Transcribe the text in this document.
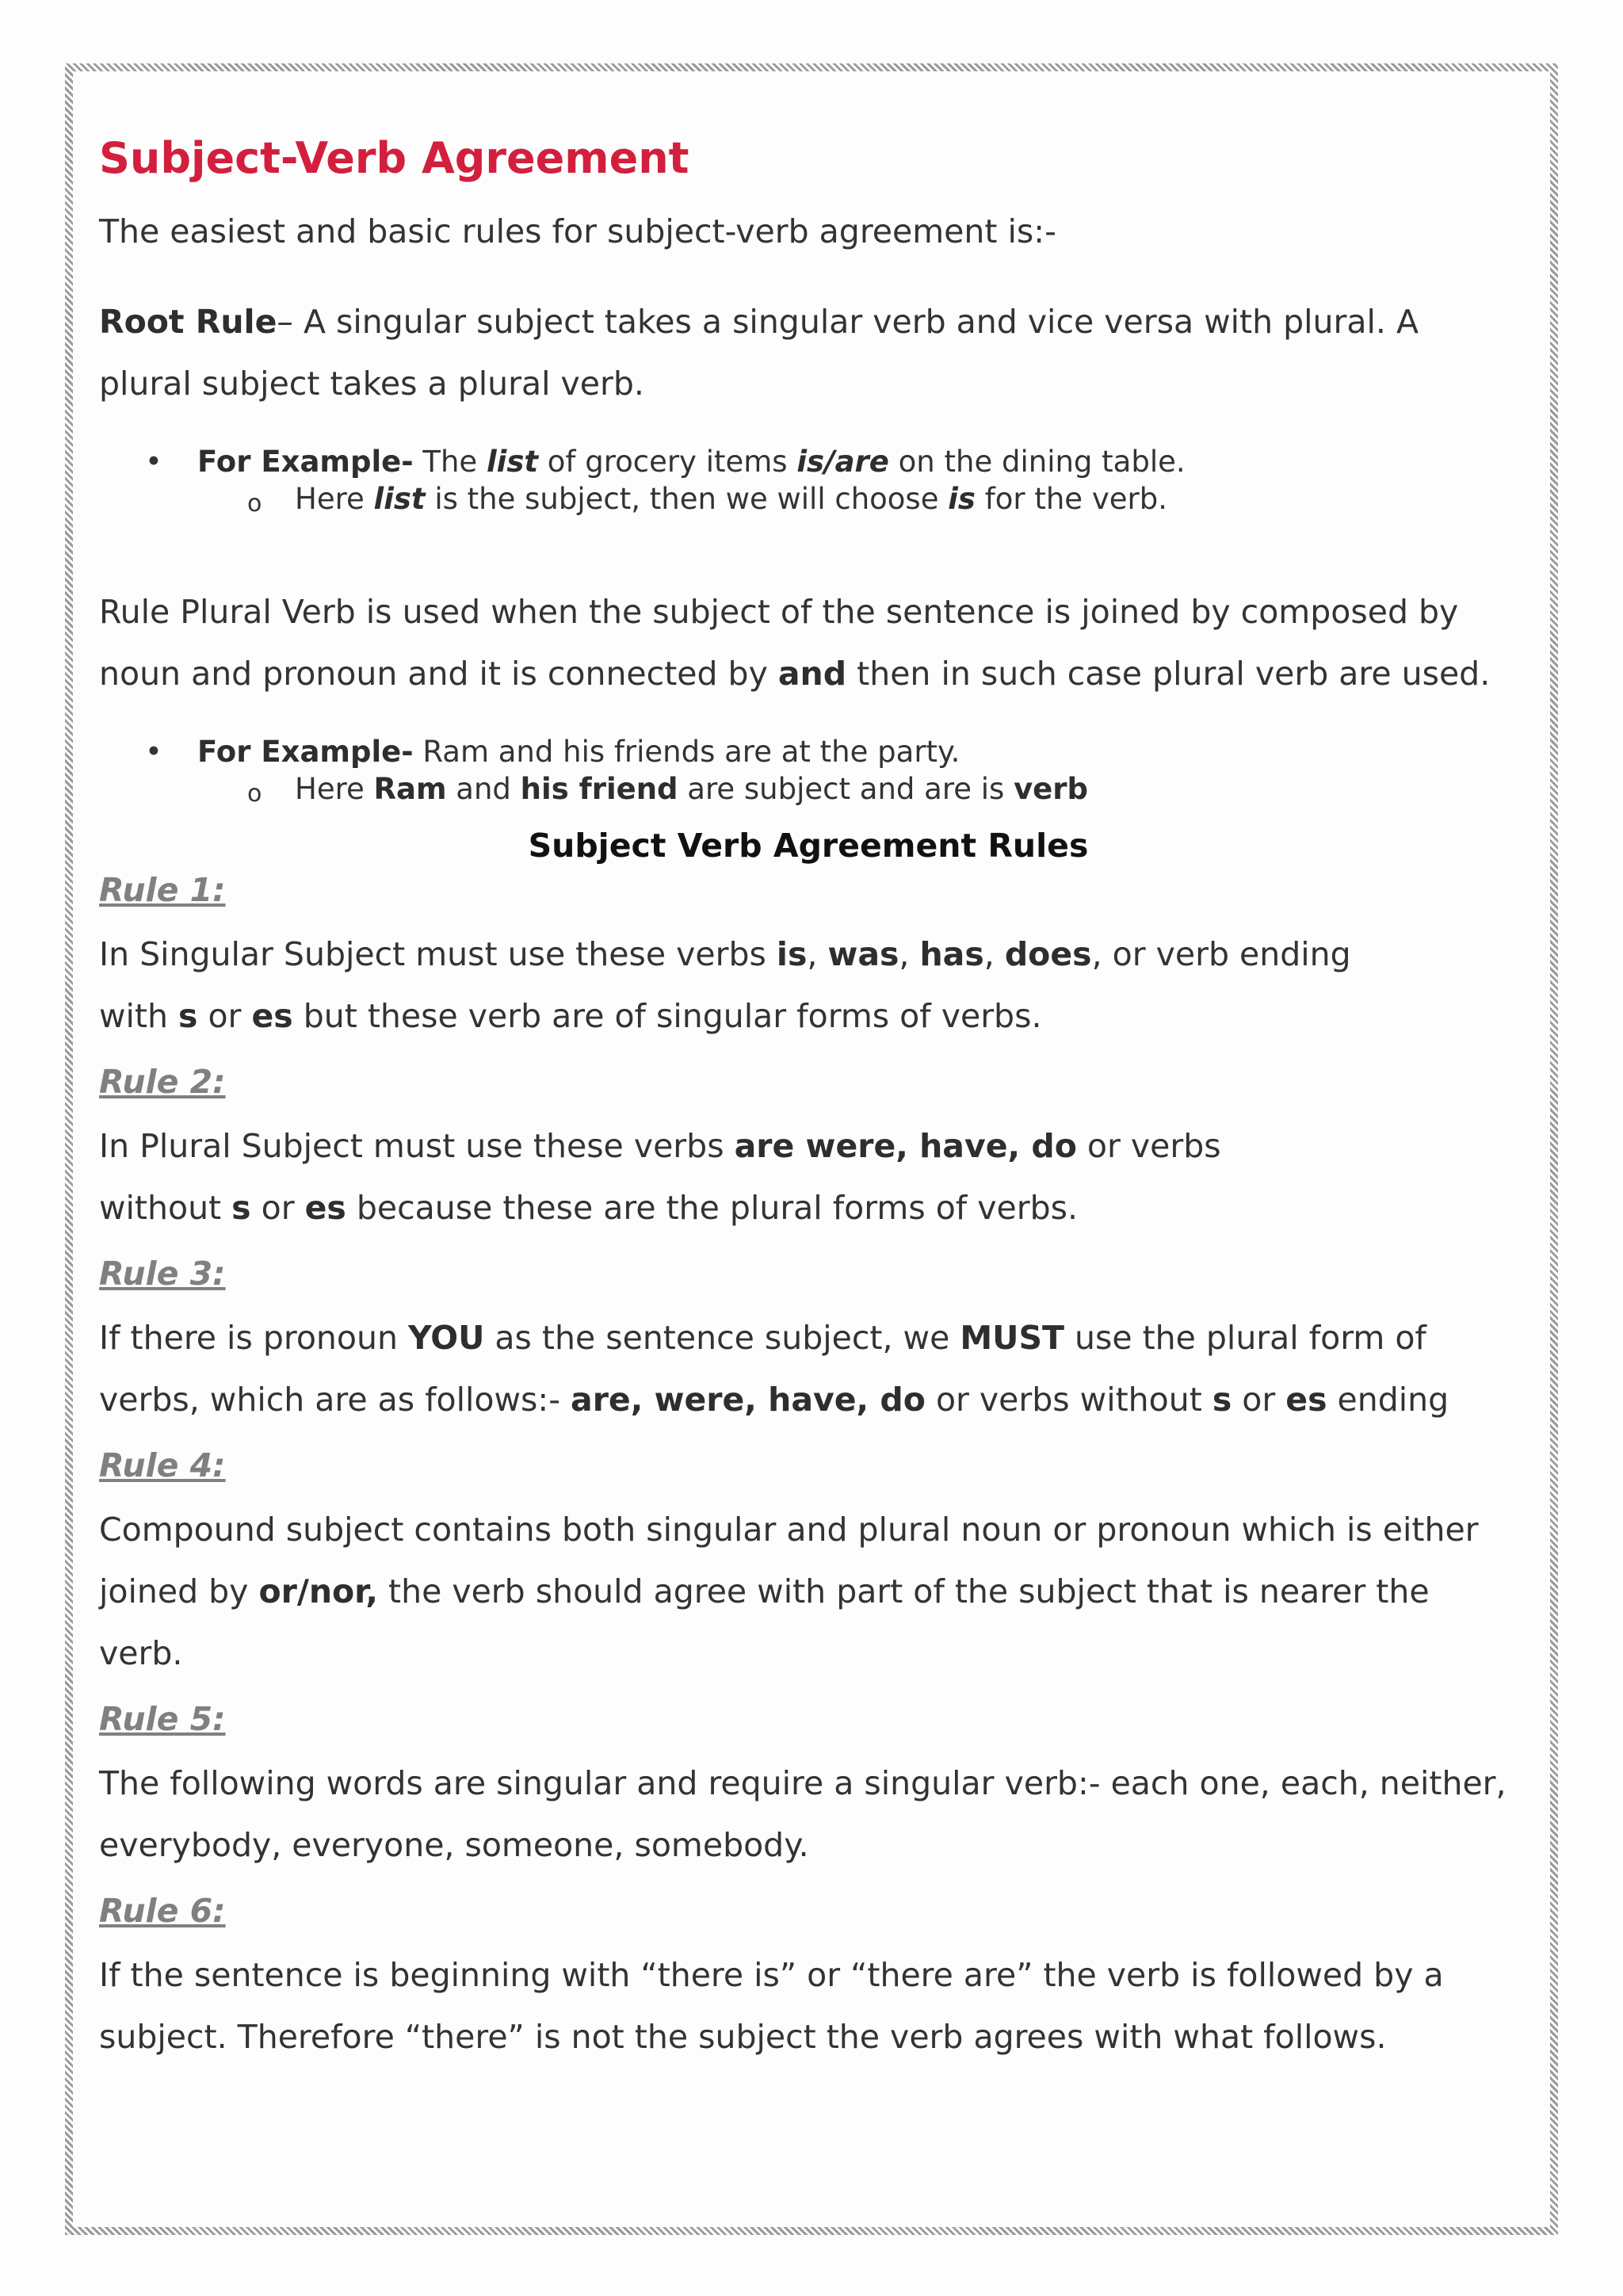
Subject-Verb Agreement

The easiest and basic rules for subject-verb agreement is:-

Root Rule– A singular subject takes a singular verb and vice versa with plural. A plural subject takes a plural verb.

• For Example- The list of grocery items is/are on the dining table.

o Here list is the subject, then we will choose is for the verb.

Rule Plural Verb is used when the subject of the sentence is joined by composed by noun and pronoun and it is connected by and then in such case plural verb are used.

• For Example- Ram and his friends are at the party.

o Here Ram and his friend are subject and are is verb

Subject Verb Agreement Rules

Rule 1:

In Singular Subject must use these verbs is, was, has, does, or verb ending with s or es but these verb are of singular forms of verbs.

Rule 2:

In Plural Subject must use these verbs are were, have, do or verbs without s or es because these are the plural forms of verbs.

Rule 3:

If there is pronoun YOU as the sentence subject, we MUST use the plural form of verbs, which are as follows:- are, were, have, do or verbs without s or es ending

Rule 4:

Compound subject contains both singular and plural noun or pronoun which is either joined by or/nor, the verb should agree with part of the subject that is nearer the verb.

Rule 5:

The following words are singular and require a singular verb:- each one, each, neither, everybody, everyone, someone, somebody.

Rule 6:

If the sentence is beginning with “there is” or “there are” the verb is followed by a subject. Therefore “there” is not the subject the verb agrees with what follows.
